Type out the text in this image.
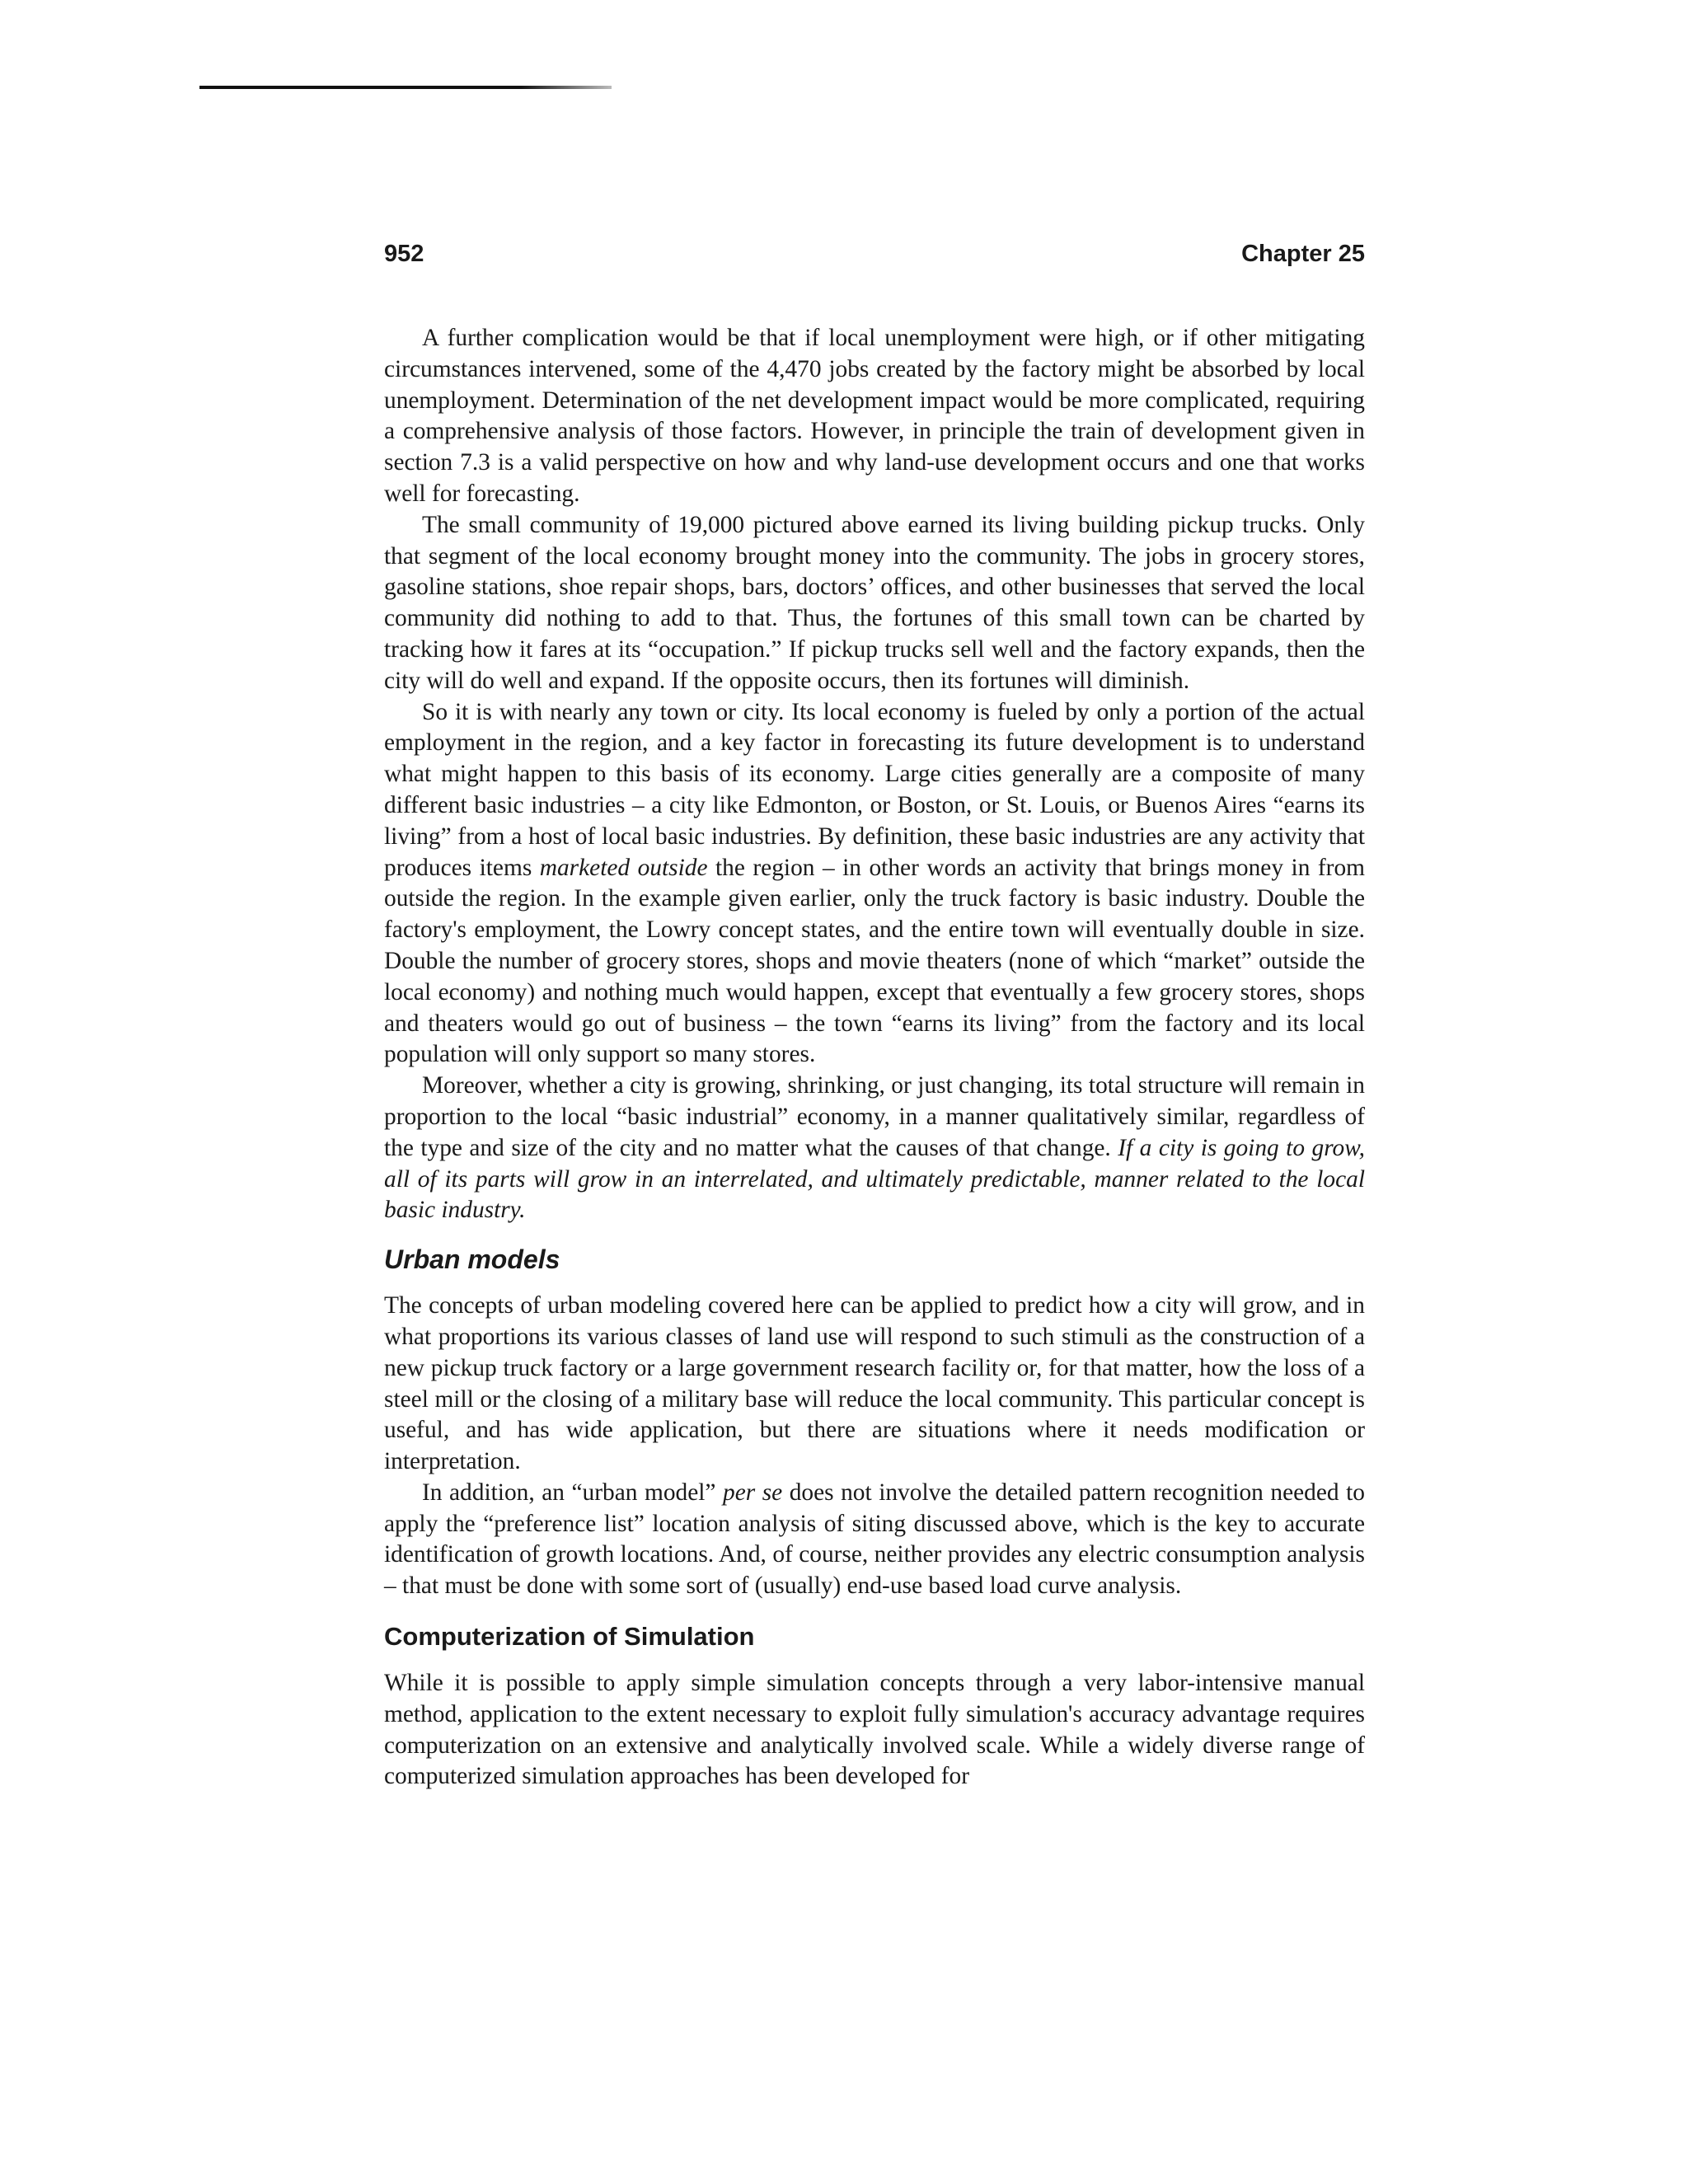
952	Chapter 25

A further complication would be that if local unemployment were high, or if other mitigating circumstances intervened, some of the 4,470 jobs created by the factory might be absorbed by local unemployment. Determination of the net development impact would be more complicated, requiring a comprehensive analysis of those factors. However, in principle the train of development given in section 7.3 is a valid perspective on how and why land-use development occurs and one that works well for forecasting.

The small community of 19,000 pictured above earned its living building pickup trucks. Only that segment of the local economy brought money into the community. The jobs in grocery stores, gasoline stations, shoe repair shops, bars, doctors’ offices, and other businesses that served the local community did nothing to add to that. Thus, the fortunes of this small town can be charted by tracking how it fares at its “occupation.” If pickup trucks sell well and the factory expands, then the city will do well and expand. If the opposite occurs, then its fortunes will diminish.

So it is with nearly any town or city. Its local economy is fueled by only a portion of the actual employment in the region, and a key factor in forecasting its future development is to understand what might happen to this basis of its economy. Large cities generally are a composite of many different basic industries – a city like Edmonton, or Boston, or St. Louis, or Buenos Aires “earns its living” from a host of local basic industries. By definition, these basic industries are any activity that produces items marketed outside the region – in other words an activity that brings money in from outside the region. In the example given earlier, only the truck factory is basic industry. Double the factory's employment, the Lowry concept states, and the entire town will eventually double in size. Double the number of grocery stores, shops and movie theaters (none of which “market” outside the local economy) and nothing much would happen, except that eventually a few grocery stores, shops and theaters would go out of business – the town “earns its living” from the factory and its local population will only support so many stores.

Moreover, whether a city is growing, shrinking, or just changing, its total structure will remain in proportion to the local “basic industrial” economy, in a manner qualitatively similar, regardless of the type and size of the city and no matter what the causes of that change. If a city is going to grow, all of its parts will grow in an interrelated, and ultimately predictable, manner related to the local basic industry.

Urban models

The concepts of urban modeling covered here can be applied to predict how a city will grow, and in what proportions its various classes of land use will respond to such stimuli as the construction of a new pickup truck factory or a large government research facility or, for that matter, how the loss of a steel mill or the closing of a military base will reduce the local community. This particular concept is useful, and has wide application, but there are situations where it needs modification or interpretation.

In addition, an “urban model” per se does not involve the detailed pattern recognition needed to apply the “preference list” location analysis of siting discussed above, which is the key to accurate identification of growth locations. And, of course, neither provides any electric consumption analysis – that must be done with some sort of (usually) end-use based load curve analysis.

Computerization of Simulation

While it is possible to apply simple simulation concepts through a very labor-intensive manual method, application to the extent necessary to exploit fully simulation's accuracy advantage requires computerization on an extensive and analytically involved scale. While a widely diverse range of computerized simulation approaches has been developed for
